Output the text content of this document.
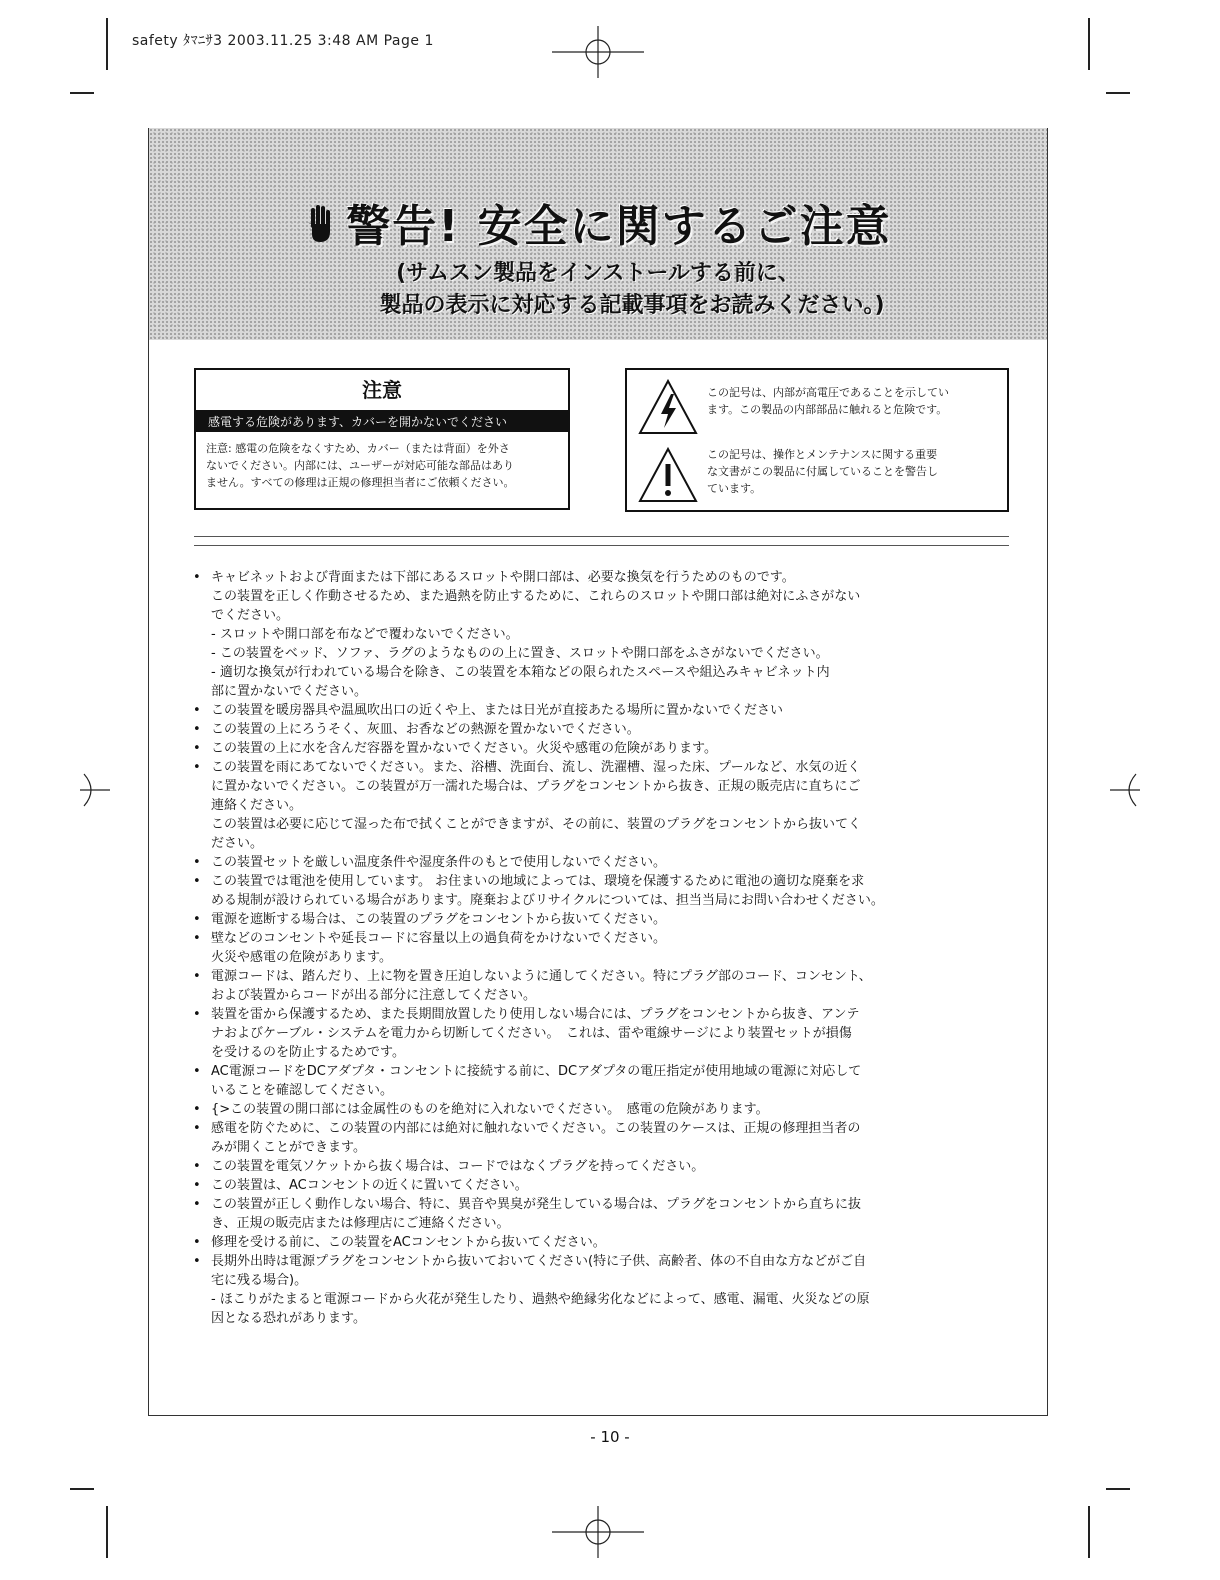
safety ﾀﾏﾆｻ3 2003.11.25 3:48 AM Page 1
警告! 安全に関するご注意
(サムスン製品をインストールする前に、
製品の表示に対応する記載事項をお読みください。)
注意
感電する危険があります、カバーを開かないでください
注意: 感電の危険をなくすため、カバー（または背面）を外さ
ないでください。内部には、ユーザーが対応可能な部品はあり
ません。すべての修理は正規の修理担当者にご依頼ください。
この記号は、内部が高電圧であることを示してい
ます。この製品の内部部品に触れると危険です。
この記号は、操作とメンテナンスに関する重要
な文書がこの製品に付属していることを警告し
ています。
• キャビネットおよび背面または下部にあるスロットや開口部は、必要な換気を行うためのものです。
この装置を正しく作動させるため、また過熱を防止するために、これらのスロットや開口部は絶対にふさがない
でください。
- スロットや開口部を布などで覆わないでください。
- この装置をベッド、ソファ、ラグのようなものの上に置き、スロットや開口部をふさがないでください。
- 適切な換気が行われている場合を除き、この装置を本箱などの限られたスペースや組込みキャビネット内
部に置かないでください。
• この装置を暖房器具や温風吹出口の近くや上、または日光が直接あたる場所に置かないでください
• この装置の上にろうそく、灰皿、お香などの熱源を置かないでください。
• この装置の上に水を含んだ容器を置かないでください。火災や感電の危険があります。
• この装置を雨にあてないでください。また、浴槽、洗面台、流し、洗濯槽、湿った床、プールなど、水気の近く
に置かないでください。この装置が万一濡れた場合は、プラグをコンセントから抜き、正規の販売店に直ちにご
連絡ください。
この装置は必要に応じて湿った布で拭くことができますが、その前に、装置のプラグをコンセントから抜いてく
ださい。
• この装置セットを厳しい温度条件や湿度条件のもとで使用しないでください。
• この装置では電池を使用しています。 お住まいの地域によっては、環境を保護するために電池の適切な廃棄を求
める規制が設けられている場合があります。廃棄およびリサイクルについては、担当当局にお問い合わせください。
• 電源を遮断する場合は、この装置のプラグをコンセントから抜いてください。
• 壁などのコンセントや延長コードに容量以上の過負荷をかけないでください。
火災や感電の危険があります。
• 電源コードは、踏んだり、上に物を置き圧迫しないように通してください。特にプラグ部のコード、コンセント、
および装置からコードが出る部分に注意してください。
• 装置を雷から保護するため、また長期間放置したり使用しない場合には、プラグをコンセントから抜き、アンテ
ナおよびケーブル・システムを電力から切断してください。　これは、雷や電線サージにより装置セットが損傷
を受けるのを防止するためです。
• AC電源コードをDCアダプタ・コンセントに接続する前に、DCアダプタの電圧指定が使用地域の電源に対応して
いることを確認してください。
• {>この装置の開口部には金属性のものを絶対に入れないでください。　感電の危険があります。
• 感電を防ぐために、この装置の内部には絶対に触れないでください。この装置のケースは、正規の修理担当者の
みが開くことができます。
• この装置を電気ソケットから抜く場合は、コードではなくプラグを持ってください。
• この装置は、ACコンセントの近くに置いてください。
• この装置が正しく動作しない場合、特に、異音や異臭が発生している場合は、プラグをコンセントから直ちに抜
き、正規の販売店または修理店にご連絡ください。
• 修理を受ける前に、この装置をACコンセントから抜いてください。
• 長期外出時は電源プラグをコンセントから抜いておいてください(特に子供、高齢者、体の不自由な方などがご自
宅に残る場合)。
- ほこりがたまると電源コードから火花が発生したり、過熱や絶縁劣化などによって、感電、漏電、火災などの原
因となる恐れがあります。
- 10 -
